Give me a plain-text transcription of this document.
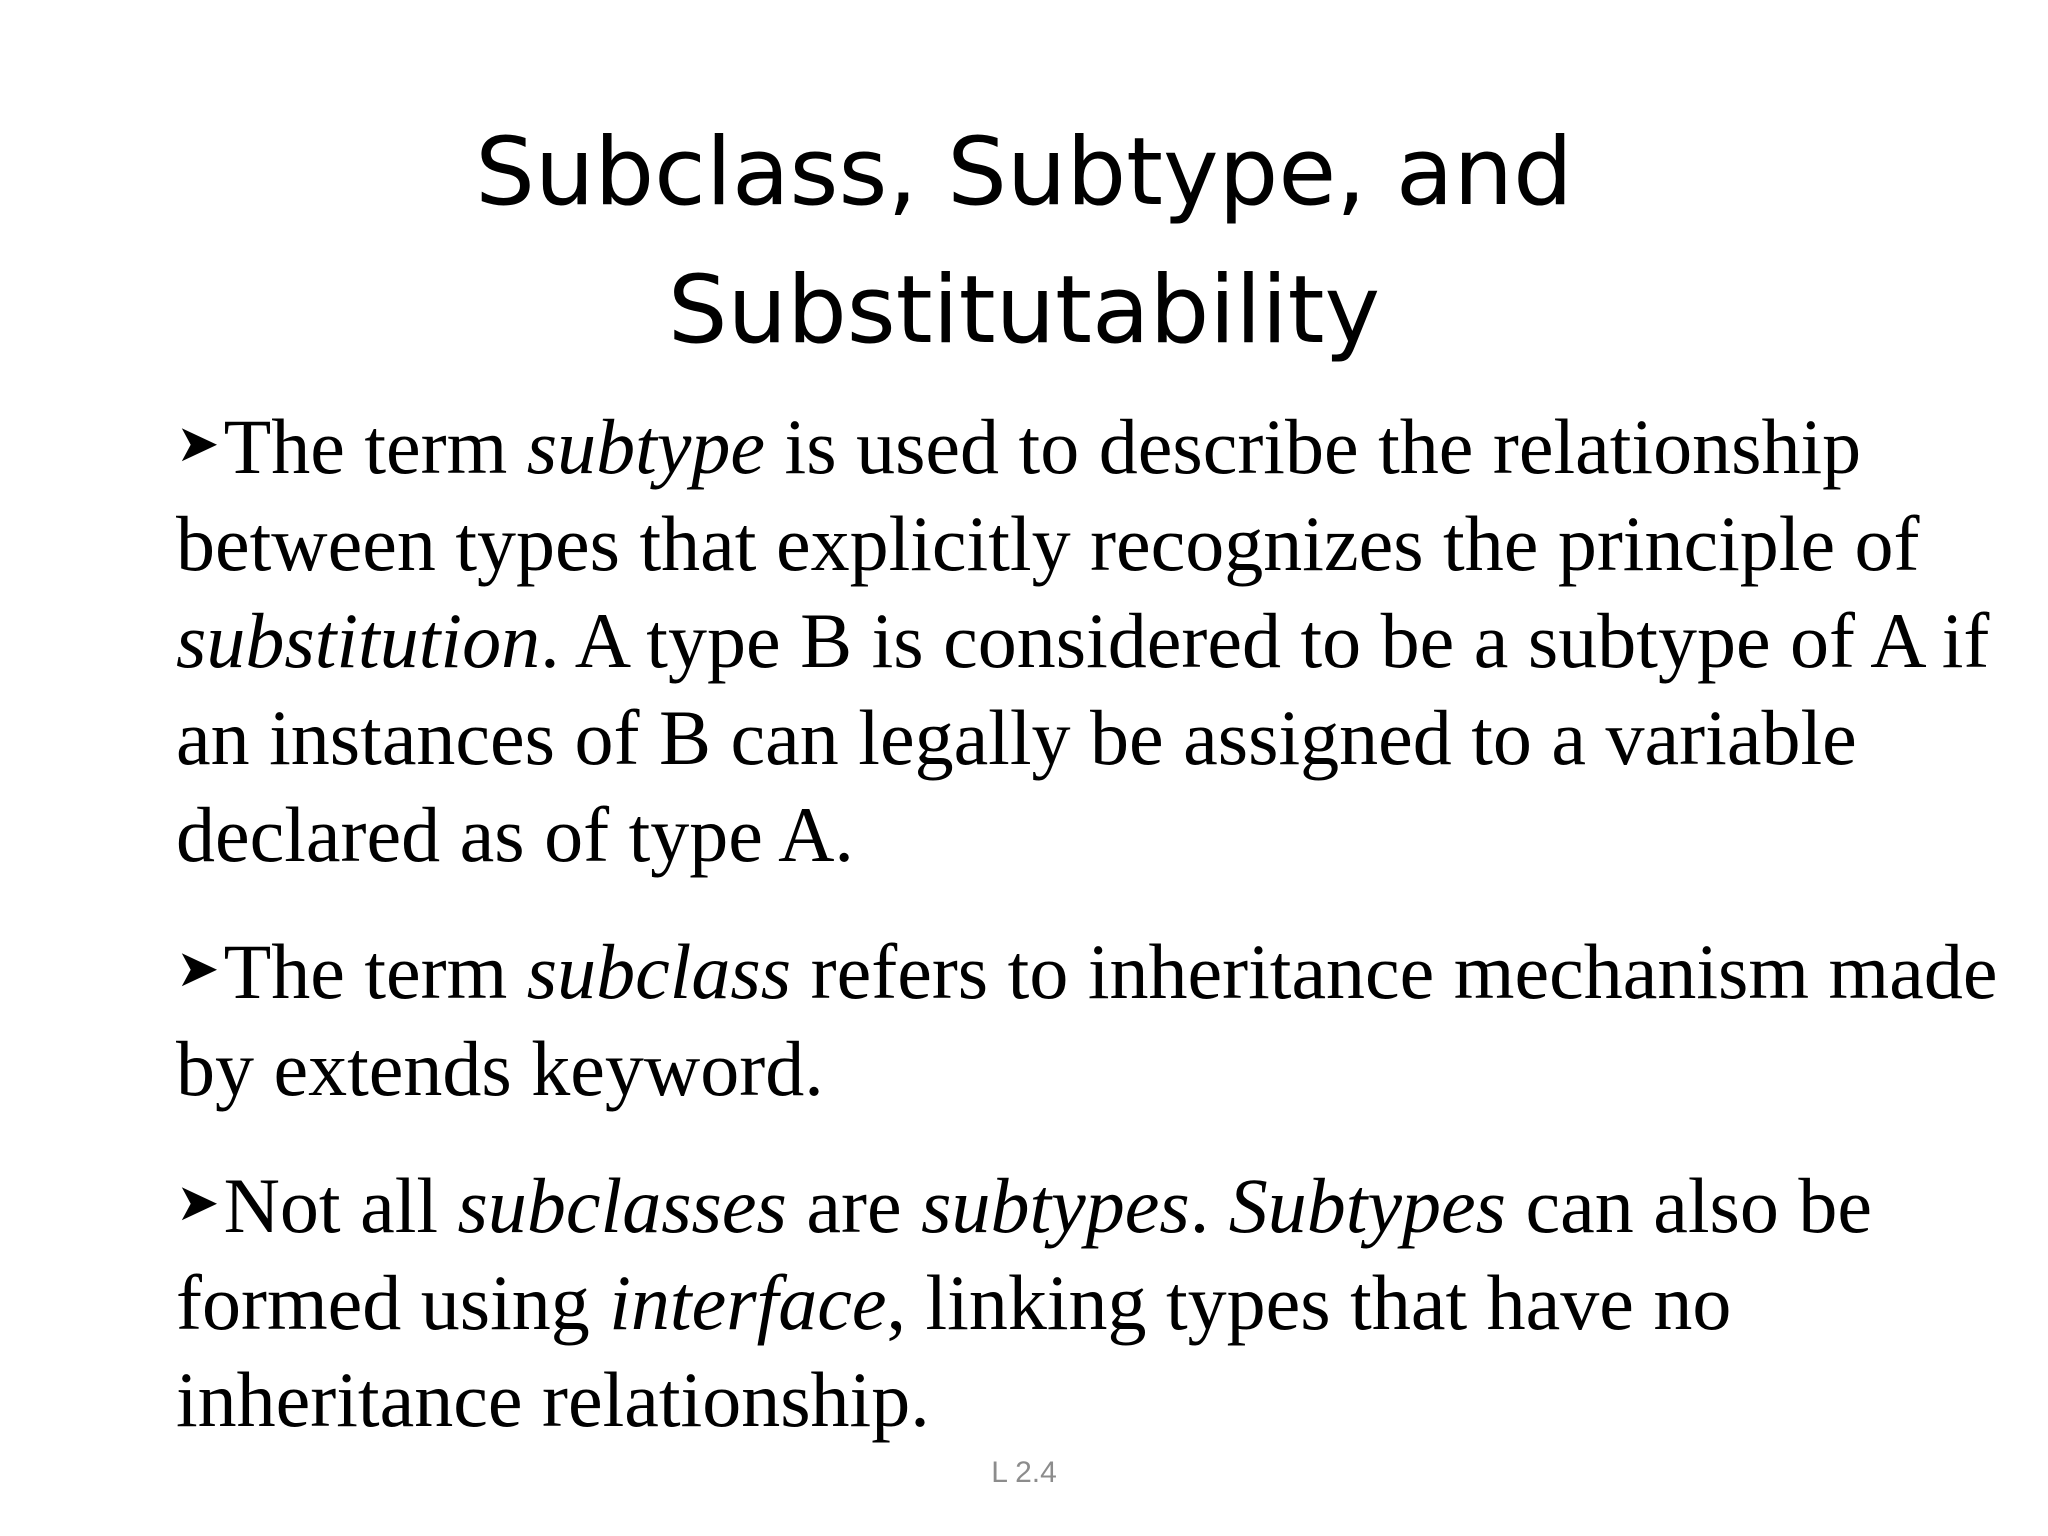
Subclass, Subtype, and
Substitutability

➤The term subtype is used to describe the relationship between types that explicitly recognizes the principle of substitution. A type B is considered to be a subtype of A if an instances of B can legally be assigned to a variable declared as of type A.

➤The term subclass refers to inheritance mechanism made by extends keyword.

➤Not all subclasses are subtypes. Subtypes can also be formed using interface, linking types that have no inheritance relationship.

L 2.4
